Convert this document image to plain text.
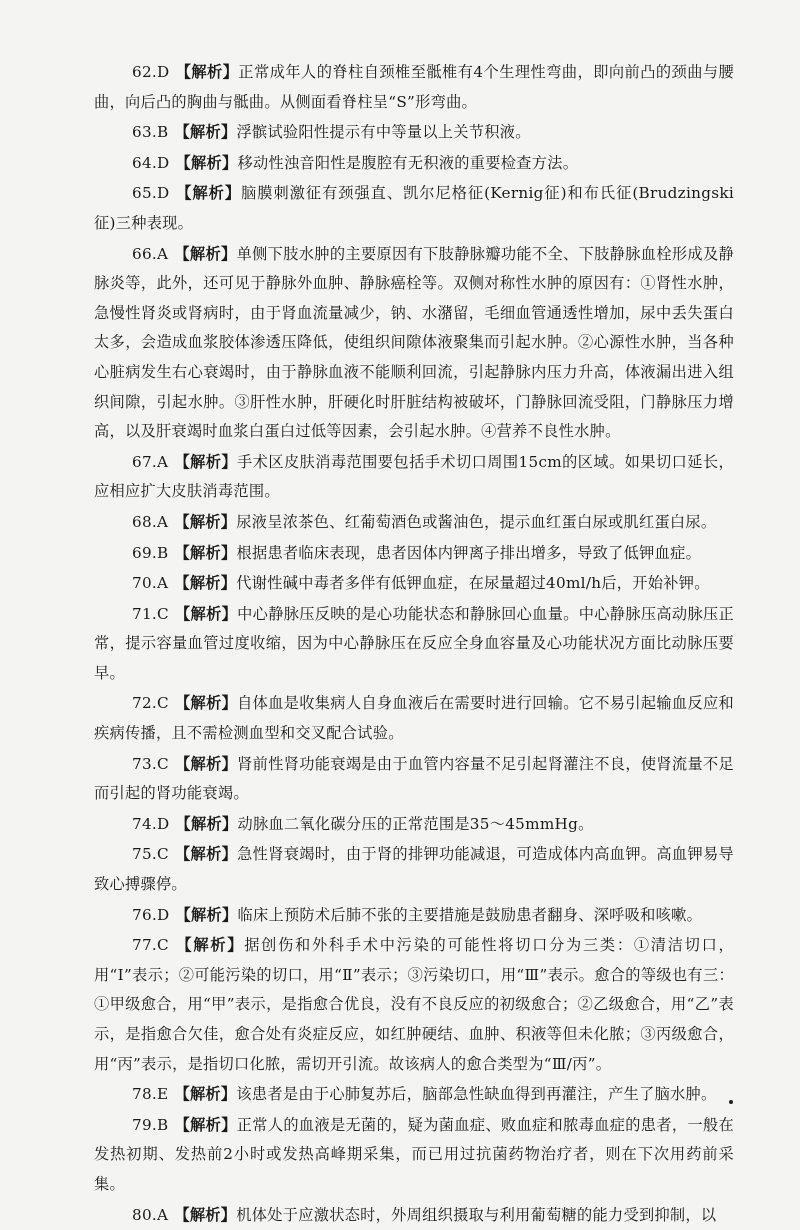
62.D 【解析】正常成年人的脊柱自颈椎至骶椎有4个生理性弯曲，即向前凸的颈曲与腰曲，向后凸的胸曲与骶曲。从侧面看脊柱呈“S”形弯曲。

63.B 【解析】浮髌试验阳性提示有中等量以上关节积液。

64.D 【解析】移动性浊音阳性是腹腔有无积液的重要检查方法。

65.D 【解析】脑膜刺激征有颈强直、凯尔尼格征(Kernig征)和布氏征(Brudzingski征)三种表现。

66.A 【解析】单侧下肢水肿的主要原因有下肢静脉瓣功能不全、下肢静脉血栓形成及静脉炎等，此外，还可见于静脉外血肿、静脉癌栓等。双侧对称性水肿的原因有：①肾性水肿，急慢性肾炎或肾病时，由于肾血流量减少，钠、水潴留，毛细血管通透性增加，尿中丢失蛋白太多，会造成血浆胶体渗透压降低，使组织间隙体液聚集而引起水肿。②心源性水肿，当各种心脏病发生右心衰竭时，由于静脉血液不能顺利回流，引起静脉内压力升高，体液漏出进入组织间隙，引起水肿。③肝性水肿，肝硬化时肝脏结构被破坏，门静脉回流受阻，门静脉压力增高，以及肝衰竭时血浆白蛋白过低等因素，会引起水肿。④营养不良性水肿。

67.A 【解析】手术区皮肤消毒范围要包括手术切口周围15cm的区域。如果切口延长，应相应扩大皮肤消毒范围。

68.A 【解析】尿液呈浓茶色、红葡萄酒色或酱油色，提示血红蛋白尿或肌红蛋白尿。

69.B 【解析】根据患者临床表现，患者因体内钾离子排出增多，导致了低钾血症。

70.A 【解析】代谢性碱中毒者多伴有低钾血症，在尿量超过40ml/h后，开始补钾。

71.C 【解析】中心静脉压反映的是心功能状态和静脉回心血量。中心静脉压高动脉压正常，提示容量血管过度收缩，因为中心静脉压在反应全身血容量及心功能状况方面比动脉压要早。

72.C 【解析】自体血是收集病人自身血液后在需要时进行回输。它不易引起输血反应和疾病传播，且不需检测血型和交叉配合试验。

73.C 【解析】肾前性肾功能衰竭是由于血管内容量不足引起肾灌注不良，使肾流量不足而引起的肾功能衰竭。

74.D 【解析】动脉血二氧化碳分压的正常范围是35～45mmHg。

75.C 【解析】急性肾衰竭时，由于肾的排钾功能减退，可造成体内高血钾。高血钾易导致心搏骤停。

76.D 【解析】临床上预防术后肺不张的主要措施是鼓励患者翻身、深呼吸和咳嗽。

77.C 【解析】据创伤和外科手术中污染的可能性将切口分为三类：①清洁切口，用“Ⅰ”表示；②可能污染的切口，用“Ⅱ”表示；③污染切口，用“Ⅲ”表示。愈合的等级也有三：①甲级愈合，用“甲”表示，是指愈合优良，没有不良反应的初级愈合；②乙级愈合，用“乙”表示，是指愈合欠佳，愈合处有炎症反应，如红肿硬结、血肿、积液等但未化脓；③丙级愈合，用“丙”表示，是指切口化脓，需切开引流。故该病人的愈合类型为“Ⅲ/丙”。

78.E 【解析】该患者是由于心肺复苏后，脑部急性缺血得到再灌注，产生了脑水肿。

79.B 【解析】正常人的血液是无菌的，疑为菌血症、败血症和脓毒血症的患者，一般在发热初期、发热前2小时或发热高峰期采集，而已用过抗菌药物治疗者，则在下次用药前采集。

80.A 【解析】机体处于应激状态时，外周组织摄取与利用葡萄糖的能力受到抑制，以
